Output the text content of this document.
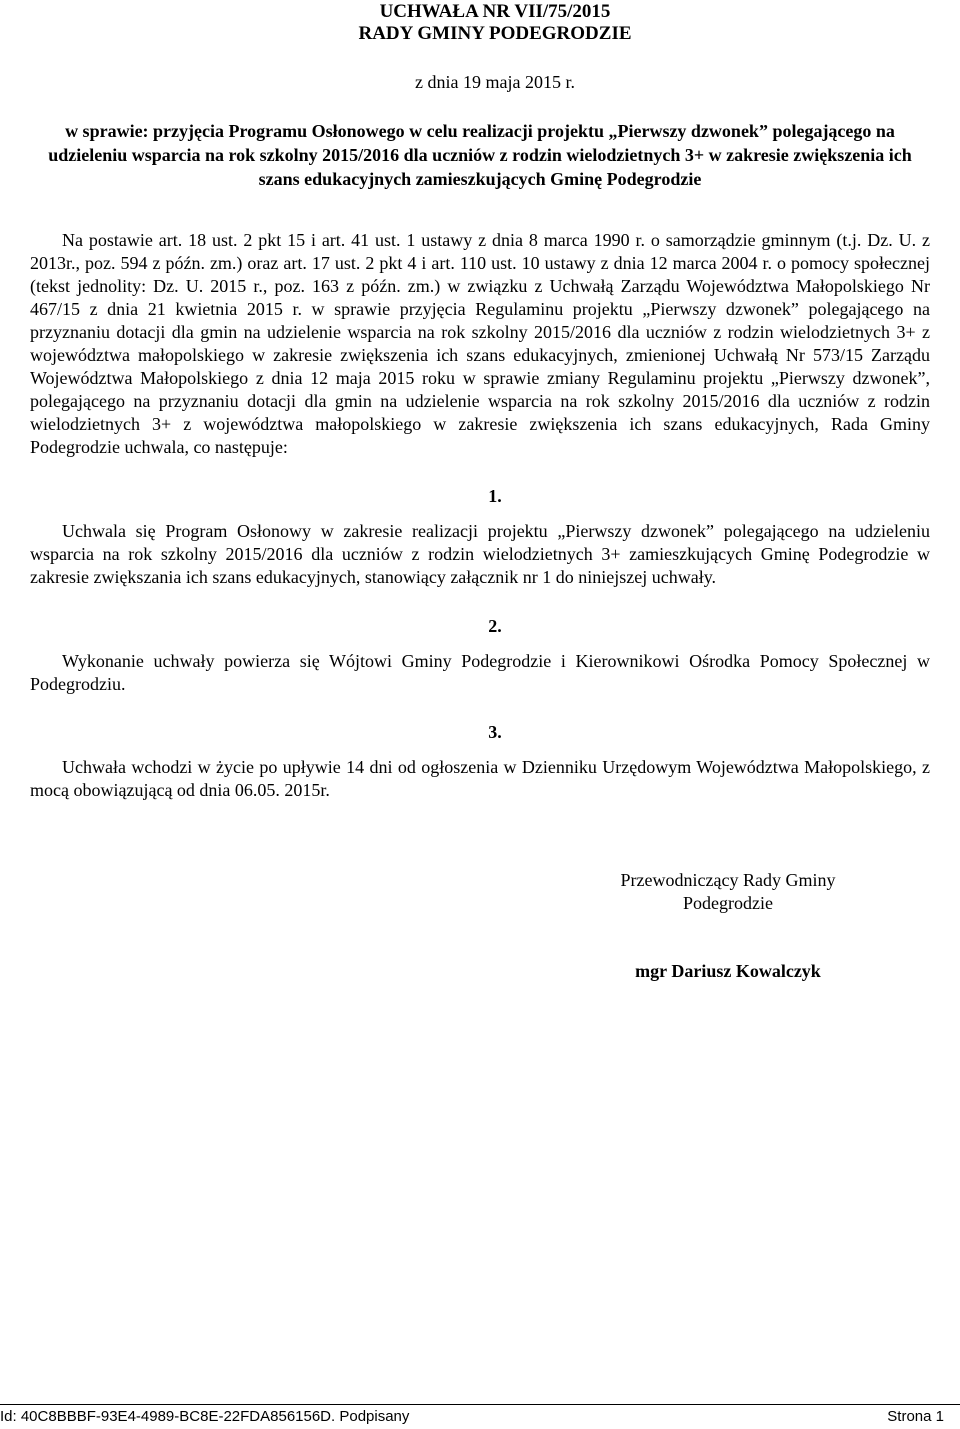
UCHWAŁA NR VII/75/2015
RADY GMINY PODEGRODZIE
z dnia 19 maja 2015 r.
w sprawie: przyjęcia Programu Osłonowego w celu realizacji projektu „Pierwszy dzwonek” polegającego na udzieleniu wsparcia na rok szkolny 2015/2016 dla uczniów z rodzin wielodzietnych 3+ w zakresie zwiększenia ich szans edukacyjnych zamieszkujących Gminę Podegrodzie
Na postawie art. 18 ust. 2 pkt 15 i art. 41 ust. 1 ustawy z dnia 8 marca 1990 r. o samorządzie gminnym (t.j. Dz. U. z 2013r., poz. 594 z późn. zm.) oraz art. 17 ust. 2 pkt 4 i art. 110 ust. 10 ustawy z dnia 12 marca 2004 r. o pomocy społecznej (tekst jednolity: Dz. U. 2015 r., poz. 163 z późn. zm.) w związku z Uchwałą Zarządu Województwa Małopolskiego Nr 467/15 z dnia 21 kwietnia 2015 r. w sprawie przyjęcia Regulaminu projektu „Pierwszy dzwonek” polegającego na przyznaniu dotacji dla gmin na udzielenie wsparcia na rok szkolny 2015/2016 dla uczniów z rodzin wielodzietnych 3+ z województwa małopolskiego w zakresie zwiększenia ich szans edukacyjnych, zmienionej Uchwałą Nr 573/15 Zarządu Województwa Małopolskiego z dnia 12 maja 2015 roku w sprawie zmiany Regulaminu projektu „Pierwszy dzwonek”, polegającego na przyznaniu dotacji dla gmin na udzielenie wsparcia na rok szkolny 2015/2016 dla uczniów z rodzin wielodzietnych 3+ z województwa małopolskiego w zakresie zwiększenia ich szans edukacyjnych, Rada Gminy Podegrodzie uchwala, co następuje:
1.
Uchwala się Program Osłonowy w zakresie realizacji projektu „Pierwszy dzwonek” polegającego na udzieleniu wsparcia na rok szkolny 2015/2016 dla uczniów z rodzin wielodzietnych 3+ zamieszkujących Gminę Podegrodzie w zakresie zwiększania ich szans edukacyjnych, stanowiący załącznik nr 1 do niniejszej uchwały.
2.
Wykonanie uchwały powierza się Wójtowi Gminy Podegrodzie i Kierownikowi Ośrodka Pomocy Społecznej w Podegrodziu.
3.
Uchwała wchodzi w życie po upływie 14 dni od ogłoszenia w Dzienniku Urzędowym Województwa Małopolskiego, z mocą obowiązującą od dnia 06.05. 2015r.
Przewodniczący Rady Gminy
Podegrodzie
mgr Dariusz Kowalczyk
Id: 40C8BBBF-93E4-4989-BC8E-22FDA856156D. Podpisany	Strona 1
